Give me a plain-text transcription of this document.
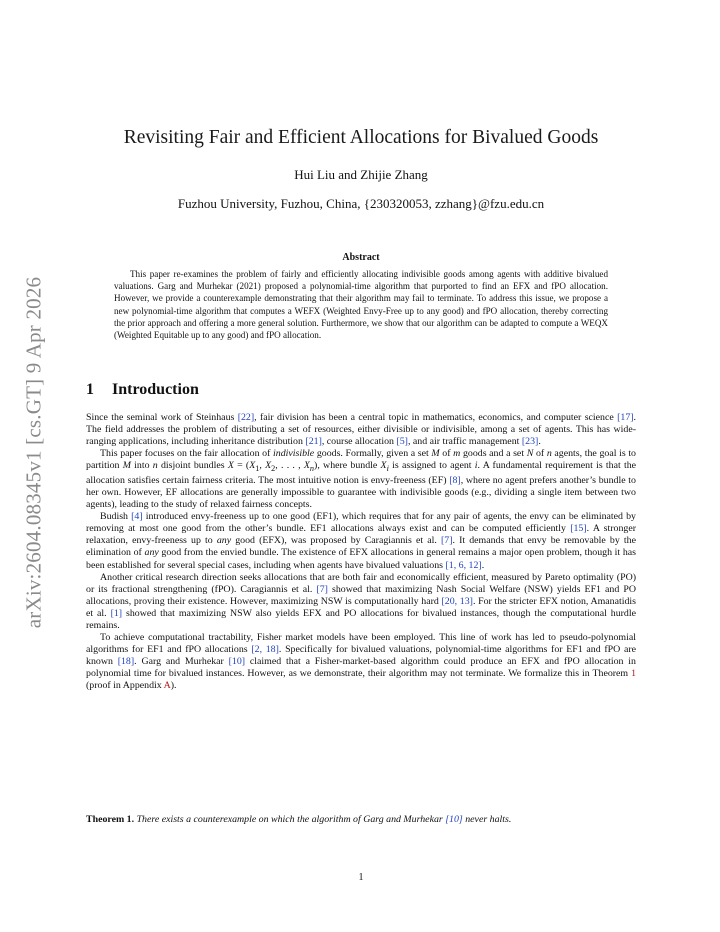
arXiv:2604.08345v1 [cs.GT] 9 Apr 2026
Revisiting Fair and Efficient Allocations for Bivalued Goods
Hui Liu and Zhijie Zhang
Fuzhou University, Fuzhou, China, {230320053, zzhang}@fzu.edu.cn
Abstract

This paper re-examines the problem of fairly and efficiently allocating indivisible goods among agents with additive bivalued valuations. Garg and Murhekar (2021) proposed a polynomial-time algorithm that purported to find an EFX and fPO allocation. However, we provide a counterexample demonstrating that their algorithm may fail to terminate. To address this issue, we propose a new polynomial-time algorithm that computes a WEFX (Weighted Envy-Free up to any good) and fPO allocation, thereby correcting the prior approach and offering a more general solution. Furthermore, we show that our algorithm can be adapted to compute a WEQX (Weighted Equitable up to any good) and fPO allocation.

1 Introduction

Since the seminal work of Steinhaus [22], fair division has been a central topic in mathematics, economics, and computer science [17]. The field addresses the problem of distributing a set of resources, either divisible or indivisible, among a set of agents. This has wide-ranging applications, including inheritance distribution [21], course allocation [5], and air traffic management [23].

This paper focuses on the fair allocation of indivisible goods. Formally, given a set M of m goods and a set N of n agents, the goal is to partition M into n disjoint bundles $X = (X_1$, $X_2$, . . . , $X_n$), where bundle $X_i$ is assigned to agent i. A fundamental requirement is that the allocation satisfies certain fairness criteria. The most intuitive notion is envy-freeness (EF) [8], where no agent prefers another’s bundle to her own. However, EF allocations are generally impossible to guarantee with indivisible goods (e.g., dividing a single item between two agents), leading to the study of relaxed fairness concepts.

Budish [4] introduced envy-freeness up to one good (EF1), which requires that for any pair of agents, the envy can be eliminated by removing at most one good from the other’s bundle. EF1 allocations always exist and can be computed efficiently [15]. A stronger relaxation, envy-freeness up to any good (EFX), was proposed by Caragiannis et al. [7]. It demands that envy be removable by the elimination of any good from the envied bundle. The existence of EFX allocations in general remains a major open problem, though it has been established for several special cases, including when agents have bivalued valuations [1, 6, 12].

Another critical research direction seeks allocations that are both fair and economically efficient, measured by Pareto optimality (PO) or its fractional strengthening (fPO). Caragiannis et al. [7] showed that maximizing Nash Social Welfare (NSW) yields EF1 and PO allocations, proving their existence. However, maximizing NSW is computationally hard [20, 13]. For the stricter EFX notion, Amanatidis et al. [1] showed that maximizing NSW also yields EFX and PO allocations for bivalued instances, though the computational hurdle remains.

To achieve computational tractability, Fisher market models have been employed. This line of work has led to pseudo-polynomial algorithms for EF1 and fPO allocations [2, 18]. Specifically for bivalued valuations, polynomial-time algorithms for EF1 and fPO are known [18]. Garg and Murhekar [10] claimed that a Fisher-market-based algorithm could produce an EFX and fPO allocation in polynomial time for bivalued instances. However, as we demonstrate, their algorithm may not terminate. We formalize this in Theorem 1 (proof in Appendix A).

Theorem 1. There exists a counterexample on which the algorithm of Garg and Murhekar [10] never halts.
1
